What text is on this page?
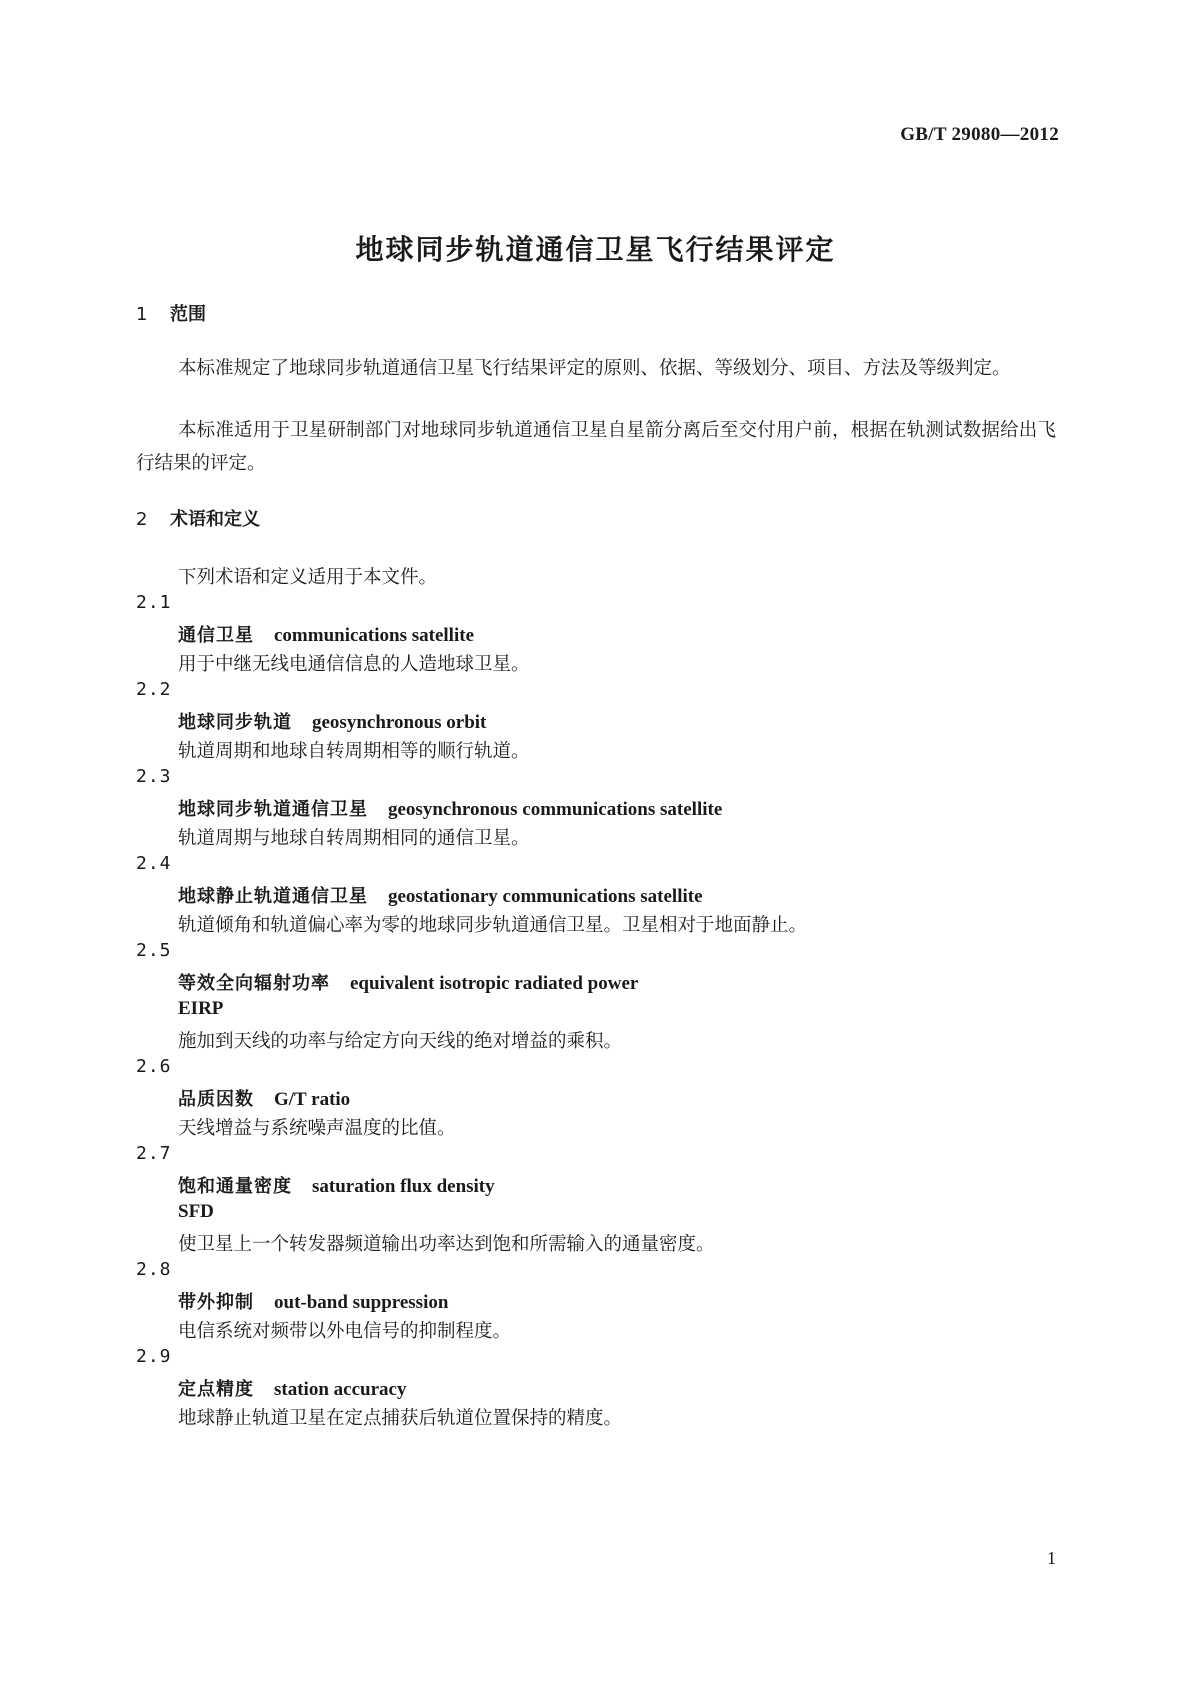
GB/T 29080—2012
地球同步轨道通信卫星飞行结果评定
1 范围
本标准规定了地球同步轨道通信卫星飞行结果评定的原则、依据、等级划分、项目、方法及等级判定。
本标准适用于卫星研制部门对地球同步轨道通信卫星自星箭分离后至交付用户前，根据在轨测试数据给出飞行结果的评定。
2 术语和定义
下列术语和定义适用于本文件。
2.1
通信卫星 communications satellite
用于中继无线电通信信息的人造地球卫星。
2.2
地球同步轨道 geosynchronous orbit
轨道周期和地球自转周期相等的顺行轨道。
2.3
地球同步轨道通信卫星 geosynchronous communications satellite
轨道周期与地球自转周期相同的通信卫星。
2.4
地球静止轨道通信卫星 geostationary communications satellite
轨道倾角和轨道偏心率为零的地球同步轨道通信卫星。卫星相对于地面静止。
2.5
等效全向辐射功率 equivalent isotropic radiated power
EIRP
施加到天线的功率与给定方向天线的绝对增益的乘积。
2.6
品质因数 G/T ratio
天线增益与系统噪声温度的比值。
2.7
饱和通量密度 saturation flux density
SFD
使卫星上一个转发器频道输出功率达到饱和所需输入的通量密度。
2.8
带外抑制 out-band suppression
电信系统对频带以外电信号的抑制程度。
2.9
定点精度 station accuracy
地球静止轨道卫星在定点捕获后轨道位置保持的精度。
1
